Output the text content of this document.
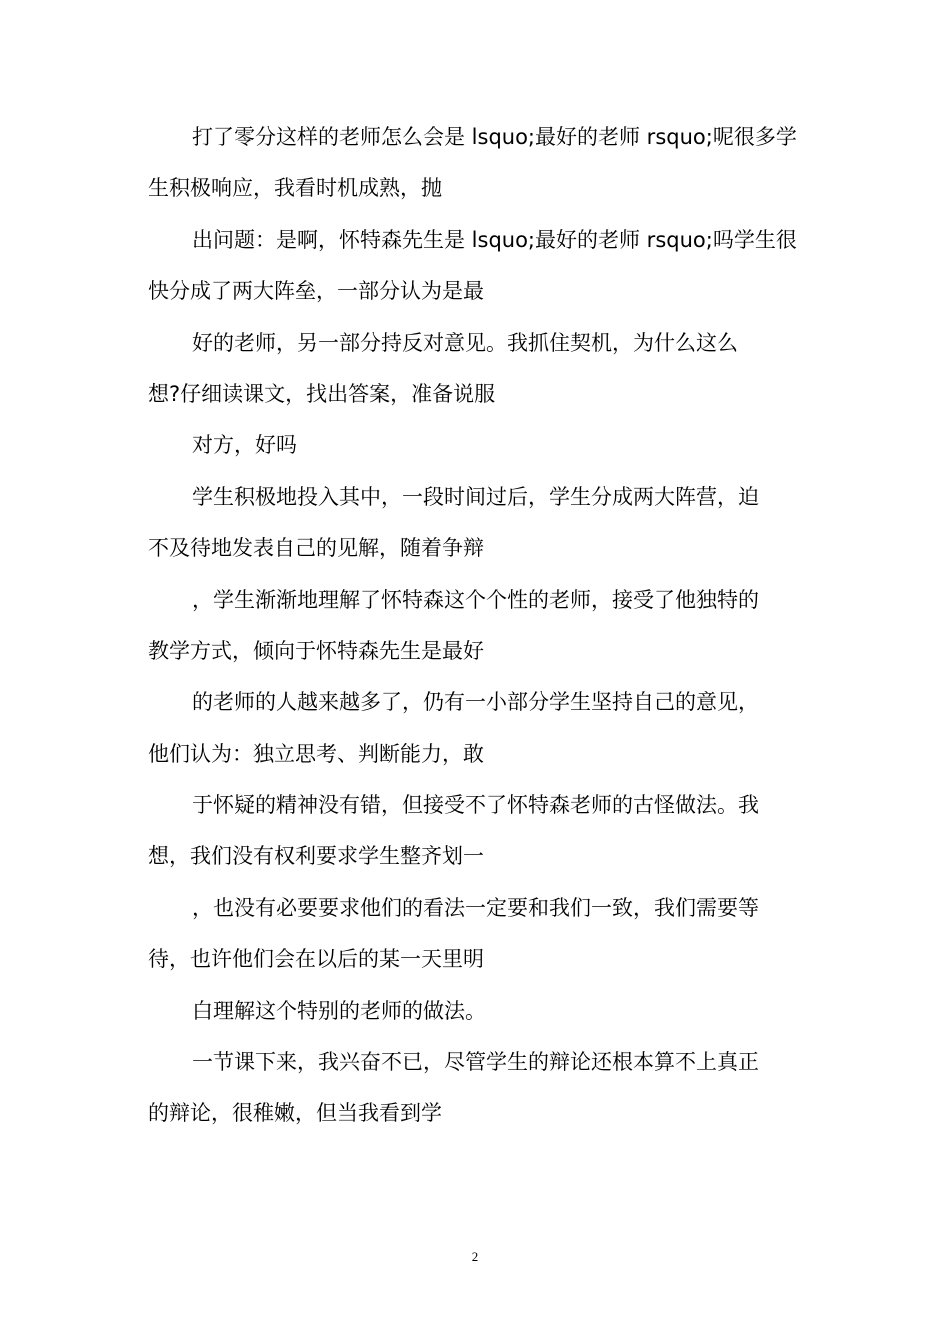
打了零分这样的老师怎么会是 lsquo;最好的老师 rsquo;呢很多学
生积极响应，我看时机成熟，抛

出问题：是啊，怀特森先生是 lsquo;最好的老师 rsquo;吗学生很
快分成了两大阵垒，一部分认为是最

好的老师，另一部分持反对意见。我抓住契机，为什么这么
想?仔细读课文，找出答案，准备说服

对方，好吗

学生积极地投入其中，一段时间过后，学生分成两大阵营，迫
不及待地发表自己的见解，随着争辩

，学生渐渐地理解了怀特森这个个性的老师，接受了他独特的
教学方式，倾向于怀特森先生是最好

的老师的人越来越多了，仍有一小部分学生坚持自己的意见，
他们认为：独立思考、判断能力，敢

于怀疑的精神没有错，但接受不了怀特森老师的古怪做法。我
想，我们没有权利要求学生整齐划一

，也没有必要要求他们的看法一定要和我们一致，我们需要等
待，也许他们会在以后的某一天里明

白理解这个特别的老师的做法。

一节课下来，我兴奋不已，尽管学生的辩论还根本算不上真正
的辩论，很稚嫩，但当我看到学

2
